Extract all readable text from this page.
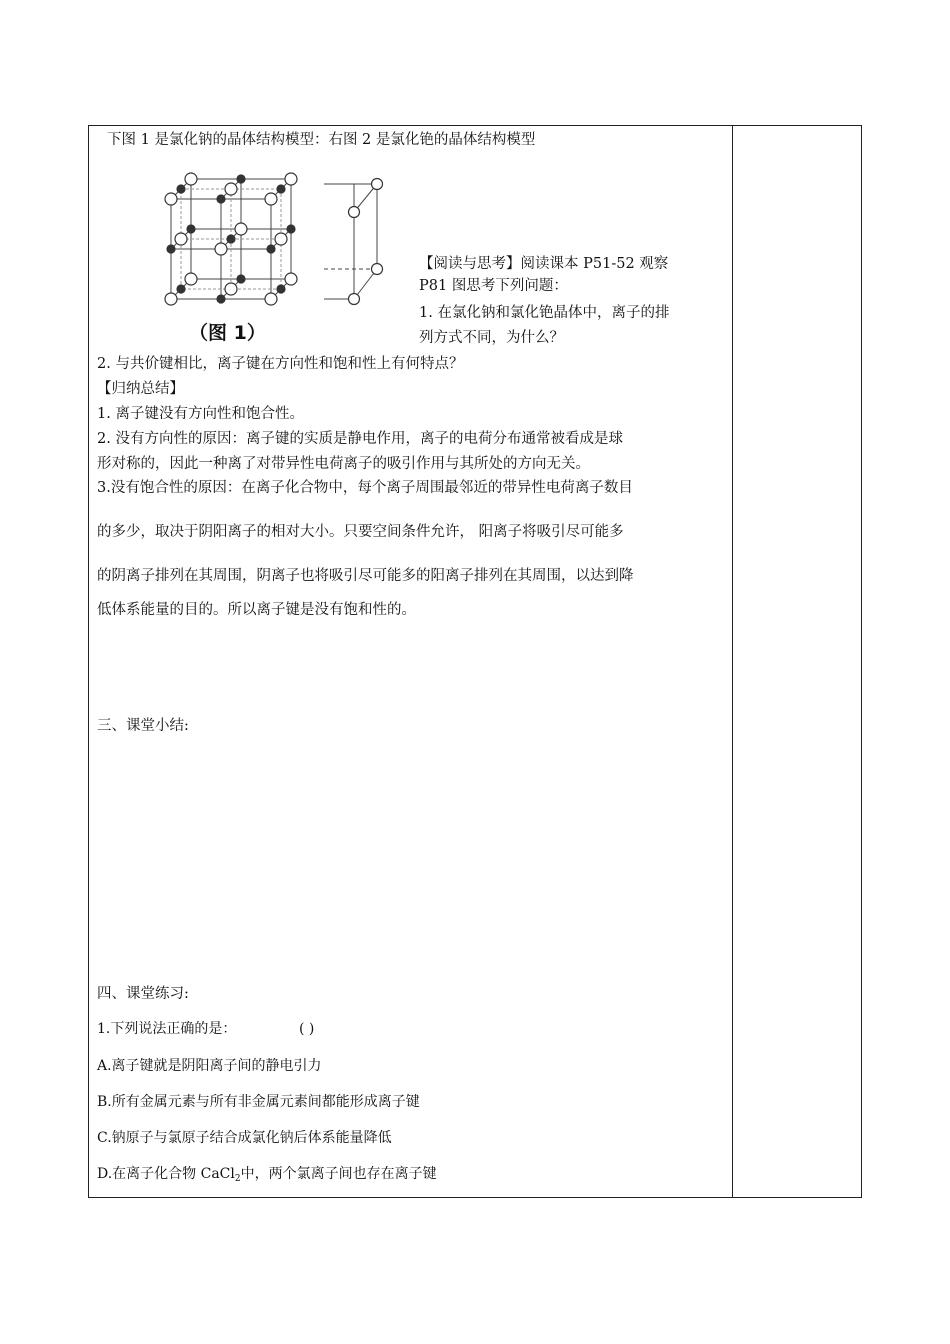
下图 1 是氯化钠的晶体结构模型：右图 2 是氯化铯的晶体结构模型
（图 1）
【阅读与思考】阅读课本 P51-52 观察
P81 图思考下列问题：
1. 在氯化钠和氯化铯晶体中，离子的排
列方式不同，为什么？
2. 与共价键相比，离子键在方向性和饱和性上有何特点？
【归纳总结】
1. 离子键没有方向性和饱合性。
2. 没有方向性的原因：离子键的实质是静电作用，离子的电荷分布通常被看成是球
形对称的，因此一种离了对带异性电荷离子的吸引作用与其所处的方向无关。
3.没有饱合性的原因：在离子化合物中，每个离子周围最邻近的带异性电荷离子数目
的多少，取决于阴阳离子的相对大小。只要空间条件允许， 阳离子将吸引尽可能多
的阴离子排列在其周围，阴离子也将吸引尽可能多的阳离子排列在其周围，以达到降
低体系能量的目的。所以离子键是没有饱和性的。
三、课堂小结:
四、课堂练习:
1.下列说法正确的是：	( )
A.离子键就是阴阳离子间的静电引力
B.所有金属元素与所有非金属元素间都能形成离子键
C.钠原子与氯原子结合成氯化钠后体系能量降低
D.在离子化合物 CaCl$_2$中，两个氯离子间也存在离子键
